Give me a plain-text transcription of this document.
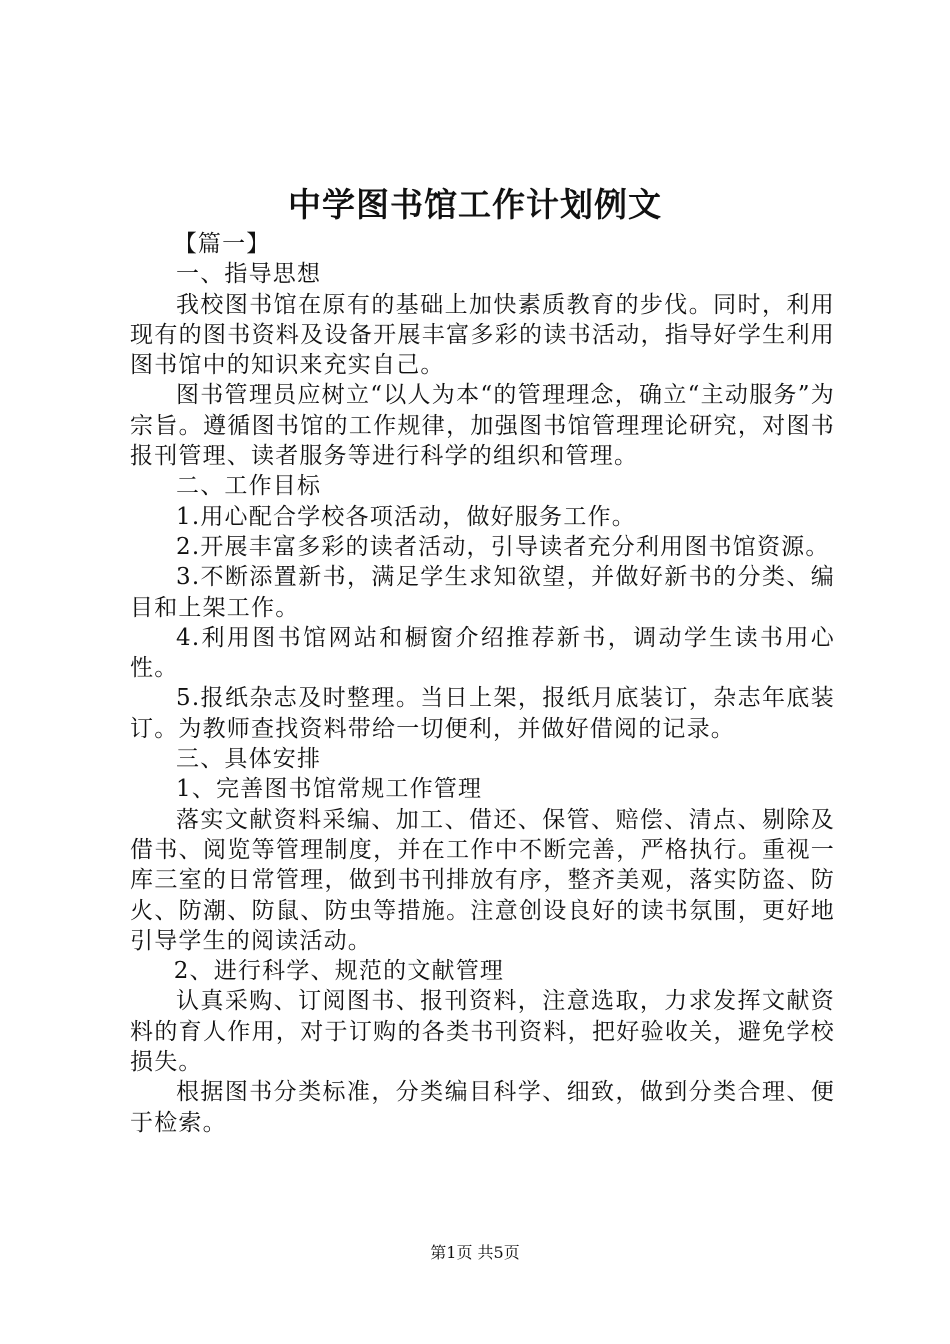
中学图书馆工作计划例文

【篇一】

一、指导思想

我校图书馆在原有的基础上加快素质教育的步伐。同时，利用现有的图书资料及设备开展丰富多彩的读书活动，指导好学生利用图书馆中的知识来充实自己。

图书管理员应树立“以人为本“的管理理念，确立“主动服务”为宗旨。遵循图书馆的工作规律，加强图书馆管理理论研究，对图书报刊管理、读者服务等进行科学的组织和管理。

二、工作目标

1.用心配合学校各项活动，做好服务工作。

2.开展丰富多彩的读者活动，引导读者充分利用图书馆资源。

3.不断添置新书，满足学生求知欲望，并做好新书的分类、编目和上架工作。

4.利用图书馆网站和橱窗介绍推荐新书，调动学生读书用心性。

5.报纸杂志及时整理。当日上架，报纸月底装订，杂志年底装订。为教师查找资料带给一切便利，并做好借阅的记录。

三、具体安排

1、完善图书馆常规工作管理

落实文献资料采编、加工、借还、保管、赔偿、清点、剔除及借书、阅览等管理制度，并在工作中不断完善，严格执行。重视一库三室的日常管理，做到书刊排放有序，整齐美观，落实防盗、防火、防潮、防鼠、防虫等措施。注意创设良好的读书氛围，更好地引导学生的阅读活动。

2、进行科学、规范的文献管理

认真采购、订阅图书、报刊资料，注意选取，力求发挥文献资料的育人作用，对于订购的各类书刊资料，把好验收关，避免学校损失。

根据图书分类标准，分类编目科学、细致，做到分类合理、便于检索。

第1页 共5页
